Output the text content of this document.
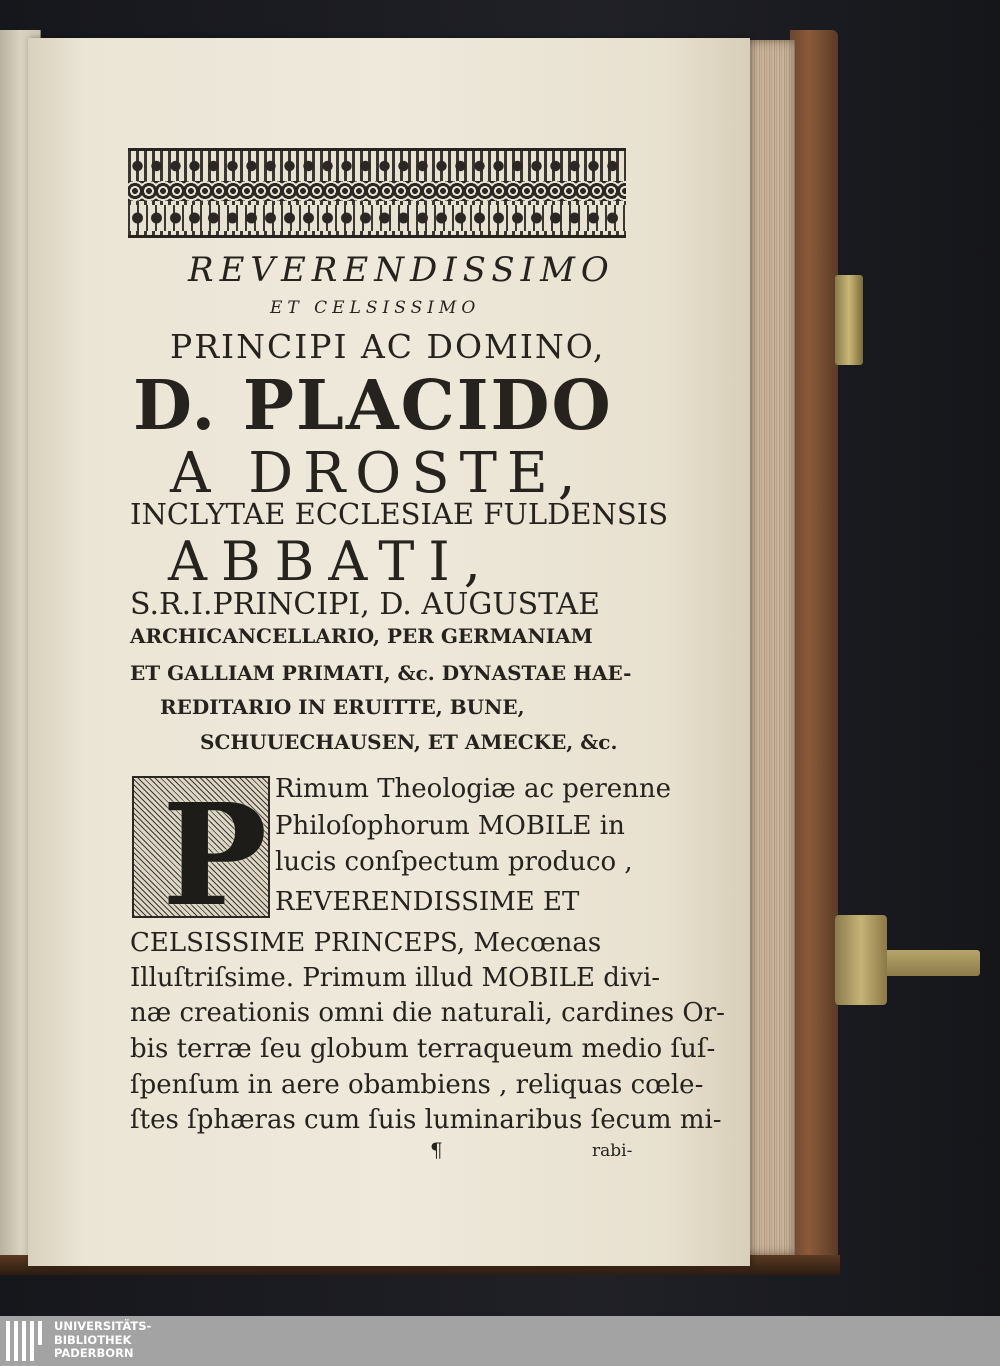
REVERENDISSIMO
ET CELSISSIMO
PRINCIPI AC DOMINO,
D. PLACIDO
A DROSTE,
INCLYTAE ECCLESIAE FULDENSIS
ABBATI,
S.R.I.PRINCIPI, D. AUGUSTAE
ARCHICANCELLARIO, PER GERMANIAM
ET GALLIAM PRIMATI, &c. DYNASTAE HAE-
REDITARIO IN ERUITTE, BUNE,
SCHUUECHAUSEN, ET AMECKE, &c.
P Rimum Theologiæ ac perenne
Philoſophorum MOBILE in
lucis conſpectum produco ,
REVERENDISSIME ET
CELSISSIME PRINCEPS, Mecœnas
Illuſtriſsime. Primum illud MOBILE divi-
næ creationis omni die naturali, cardines Or-
bis terræ ſeu globum terraqueum medio ſuſ-
ſpenſum in aere obambiens , reliquas cœle-
ſtes ſphæras cum ſuis luminaribus ſecum mi-
¶	rabi-
UNIVERSITÄTS-
BIBLIOTHEK
PADERBORN
